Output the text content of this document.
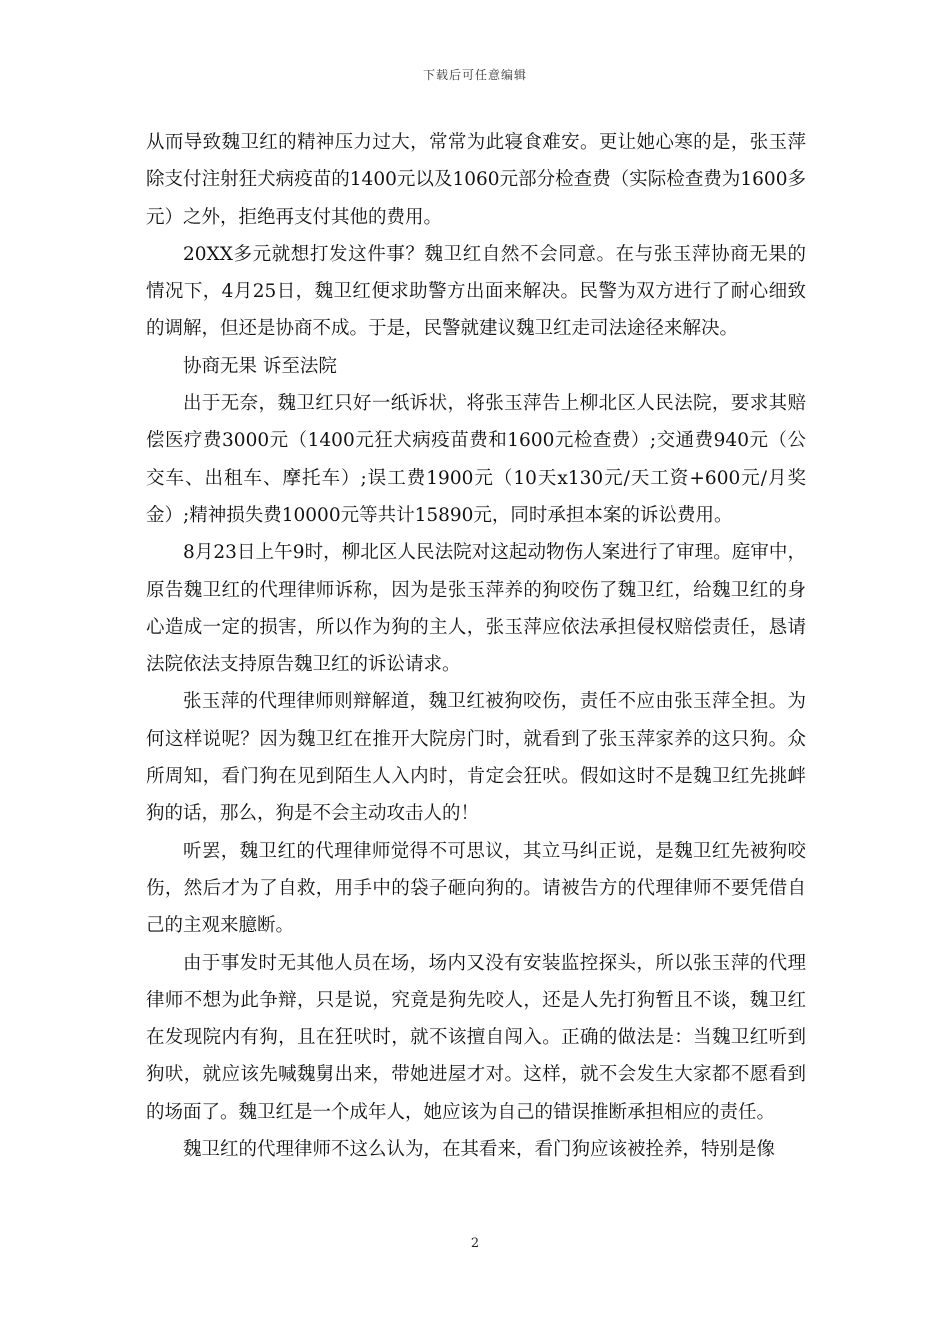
下载后可任意编辑

从而导致魏卫红的精神压力过大，常常为此寝食难安。更让她心寒的是，张玉萍除支付注射狂犬病疫苗的1400元以及1060元部分检查费（实际检查费为1600多元）之外，拒绝再支付其他的费用。

20XX多元就想打发这件事？魏卫红自然不会同意。在与张玉萍协商无果的情况下，4月25日，魏卫红便求助警方出面来解决。民警为双方进行了耐心细致的调解，但还是协商不成。于是，民警就建议魏卫红走司法途径来解决。

协商无果 诉至法院

出于无奈，魏卫红只好一纸诉状，将张玉萍告上柳北区人民法院，要求其赔偿医疗费3000元（1400元狂犬病疫苗费和1600元检查费）;交通费940元（公交车、出租车、摩托车）;误工费1900元（10天x130元/天工资+600元/月奖金）;精神损失费10000元等共计15890元，同时承担本案的诉讼费用。

8月23日上午9时，柳北区人民法院对这起动物伤人案进行了审理。庭审中，原告魏卫红的代理律师诉称，因为是张玉萍养的狗咬伤了魏卫红，给魏卫红的身心造成一定的损害，所以作为狗的主人，张玉萍应依法承担侵权赔偿责任，恳请法院依法支持原告魏卫红的诉讼请求。

张玉萍的代理律师则辩解道，魏卫红被狗咬伤，责任不应由张玉萍全担。为何这样说呢？因为魏卫红在推开大院房门时，就看到了张玉萍家养的这只狗。众所周知，看门狗在见到陌生人入内时，肯定会狂吠。假如这时不是魏卫红先挑衅狗的话，那么，狗是不会主动攻击人的！

听罢，魏卫红的代理律师觉得不可思议，其立马纠正说，是魏卫红先被狗咬伤，然后才为了自救，用手中的袋子砸向狗的。请被告方的代理律师不要凭借自己的主观来臆断。

由于事发时无其他人员在场，场内又没有安装监控探头，所以张玉萍的代理律师不想为此争辩，只是说，究竟是狗先咬人，还是人先打狗暂且不谈，魏卫红在发现院内有狗，且在狂吠时，就不该擅自闯入。正确的做法是：当魏卫红听到狗吠，就应该先喊魏舅出来，带她进屋才对。这样，就不会发生大家都不愿看到的场面了。魏卫红是一个成年人，她应该为自己的错误推断承担相应的责任。

魏卫红的代理律师不这么认为，在其看来，看门狗应该被拴养，特别是像

2
